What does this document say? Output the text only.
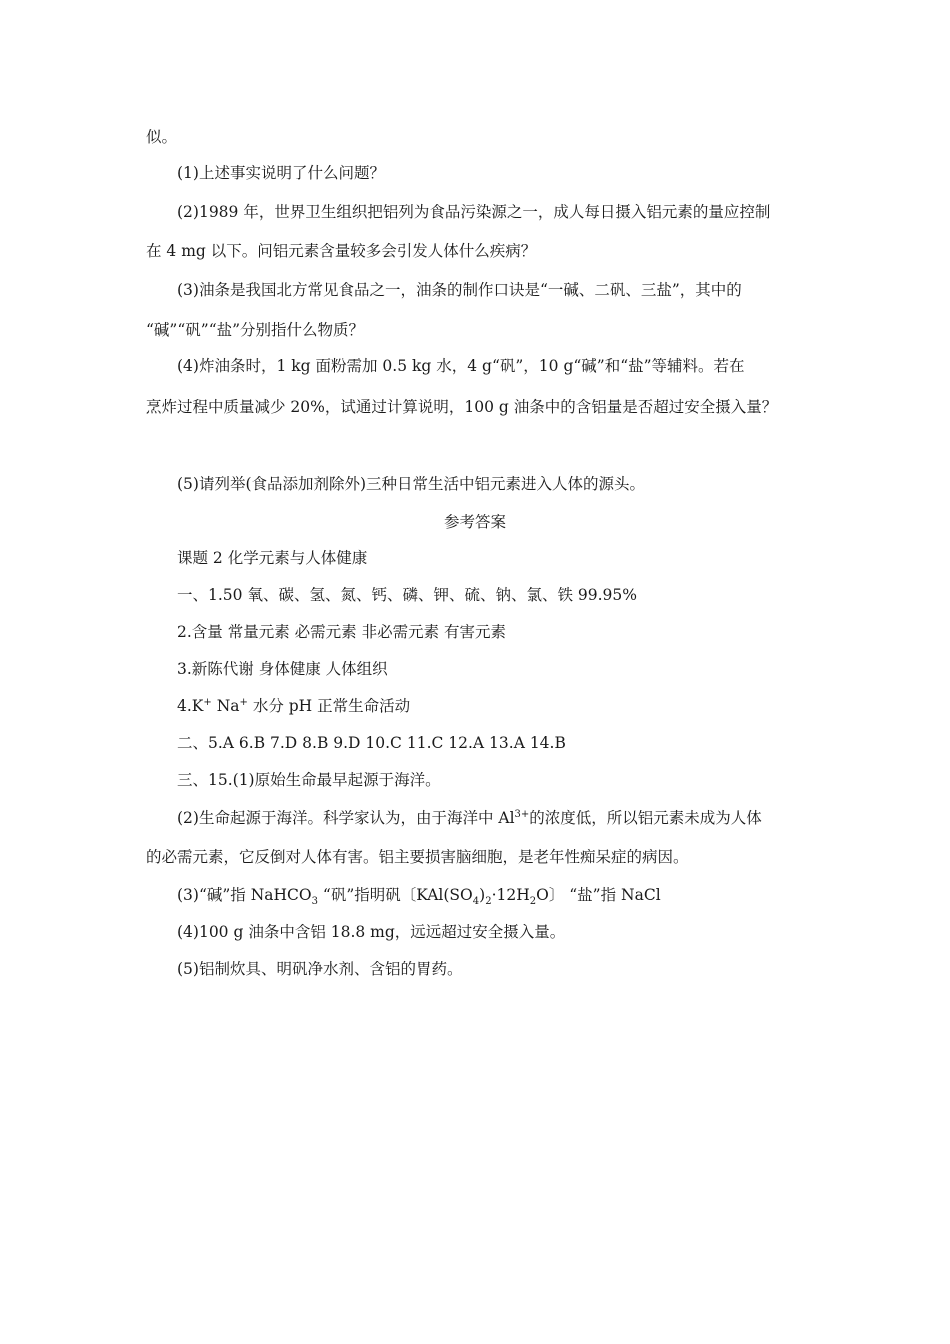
似。
(1)上述事实说明了什么问题？
(2)1989 年，世界卫生组织把铝列为食品污染源之一，成人每日摄入铝元素的量应控制
在 4 mg 以下。问铝元素含量较多会引发人体什么疾病？
(3)油条是我国北方常见食品之一，油条的制作口诀是“一碱、二矾、三盐”，其中的
“碱”“矾”“盐”分别指什么物质？
(4)炸油条时，1 kg 面粉需加 0.5 kg 水，4 g“矾”，10 g“碱”和“盐”等辅料。若在
烹炸过程中质量减少 20%，试通过计算说明，100 g 油条中的含铝量是否超过安全摄入量？
(5)请列举(食品添加剂除外)三种日常生活中铝元素进入人体的源头。
参考答案
课题 2 化学元素与人体健康
一、1.50 氧、碳、氢、氮、钙、磷、钾、硫、钠、氯、铁 99.95%
2.含量 常量元素 必需元素 非必需元素 有害元素
3.新陈代谢 身体健康 人体组织
4.K+ Na+ 水分 pH 正常生命活动
二、5.A 6.B 7.D 8.B 9.D 10.C 11.C 12.A 13.A 14.B
三、15.(1)原始生命最早起源于海洋。
(2)生命起源于海洋。科学家认为，由于海洋中 $Al^{3+}$的浓度低，所以铝元素未成为人体
的必需元素，它反倒对人体有害。铝主要损害脑细胞，是老年性痴呆症的病因。
(3)“碱”指 NaHCO$_3$ “矾”指明矾〔$KAl(SO_4)_2\cdot 12H_2O$〕 “盐”指 NaCl
(4)100 g 油条中含铝 18.8 mg，远远超过安全摄入量。
(5)铝制炊具、明矾净水剂、含铝的胃药。
